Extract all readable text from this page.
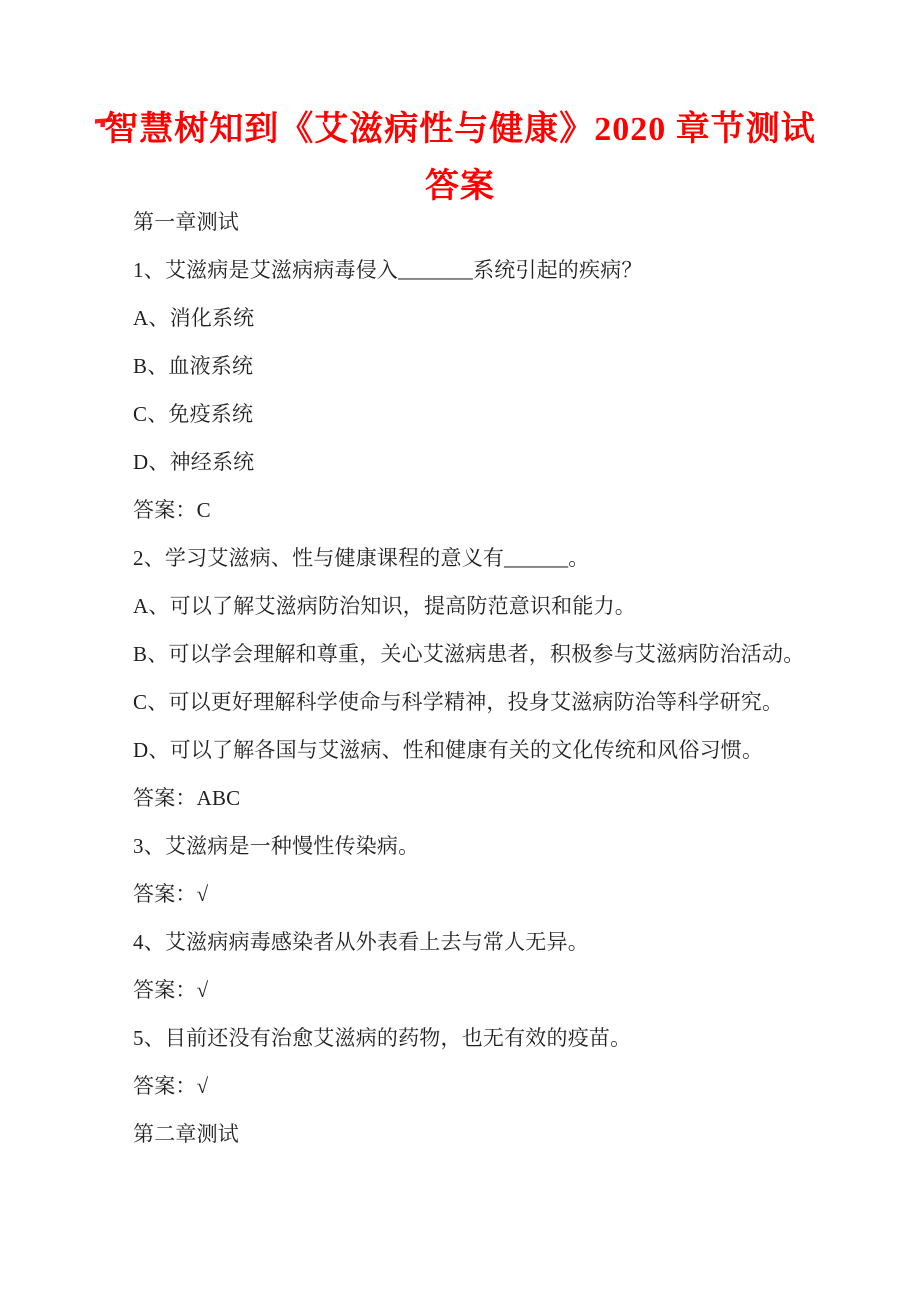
智慧树知到《艾滋病性与健康》2020 章节测试
答案
第一章测试
1、艾滋病是艾滋病病毒侵入_______系统引起的疾病？
A、消化系统
B、血液系统
C、免疫系统
D、神经系统
答案：C
2、学习艾滋病、性与健康课程的意义有______。
A、可以了解艾滋病防治知识，提高防范意识和能力。
B、可以学会理解和尊重，关心艾滋病患者，积极参与艾滋病防治活动。
C、可以更好理解科学使命与科学精神，投身艾滋病防治等科学研究。
D、可以了解各国与艾滋病、性和健康有关的文化传统和风俗习惯。
答案：ABC
3、艾滋病是一种慢性传染病。
答案：√
4、艾滋病病毒感染者从外表看上去与常人无异。
答案：√
5、目前还没有治愈艾滋病的药物，也无有效的疫苗。
答案：√
第二章测试
